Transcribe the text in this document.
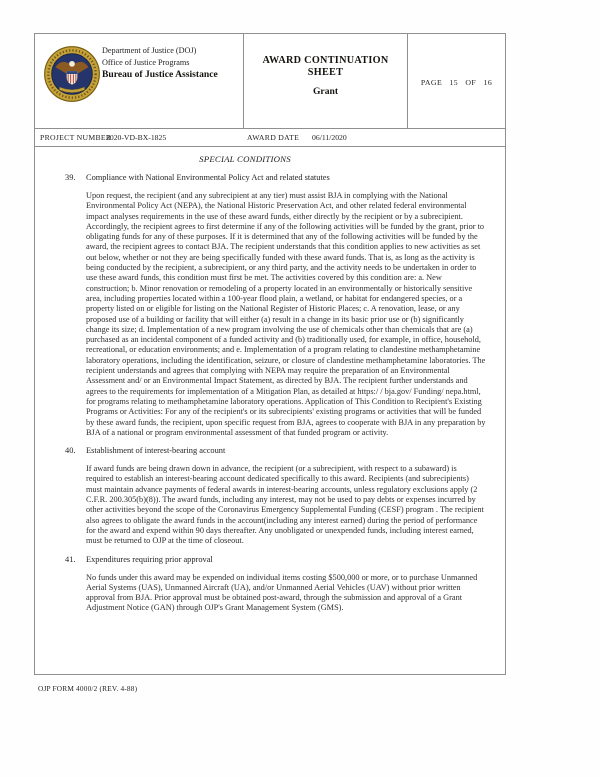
Department of Justice (DOJ)
Office of Justice Programs
Bureau of Justice Assistance
AWARD CONTINUATION
SHEET
Grant
PAGE 15 OF 16
PROJECT NUMBER
2020-VD-BX-1825	AWARD DATE 06/11/2020
SPECIAL CONDITIONS
39. Compliance with National Environmental Policy Act and related statutes

Upon request, the recipient (and any subrecipient at any tier) must assist BJA in complying with the National Environmental Policy Act (NEPA), the National Historic Preservation Act, and other related federal environmental impact analyses requirements in the use of these award funds, either directly by the recipient or by a subrecipient. Accordingly, the recipient agrees to first determine if any of the following activities will be funded by the grant, prior to obligating funds for any of these purposes. If it is determined that any of the following activities will be funded by the award, the recipient agrees to contact BJA. The recipient understands that this condition applies to new activities as set out below, whether or not they are being specifically funded with these award funds. That is, as long as the activity is being conducted by the recipient, a subrecipient, or any third party, and the activity needs to be undertaken in order to use these award funds, this condition must first be met. The activities covered by this condition are: a. New construction; b. Minor renovation or remodeling of a property located in an environmentally or historically sensitive area, including properties located within a 100-year flood plain, a wetland, or habitat for endangered species, or a property listed on or eligible for listing on the National Register of Historic Places; c. A renovation, lease, or any proposed use of a building or facility that will either (a) result in a change in its basic prior use or (b) significantly change its size; d. Implementation of a new program involving the use of chemicals other than chemicals that are (a) purchased as an incidental component of a funded activity and (b) traditionally used, for example, in office, household, recreational, or education environments; and e. Implementation of a program relating to clandestine methamphetamine laboratory operations, including the identification, seizure, or closure of clandestine methamphetamine laboratories. The recipient understands and agrees that complying with NEPA may require the preparation of an Environmental Assessment and/ or an Environmental Impact Statement, as directed by BJA. The recipient further understands and agrees to the requirements for implementation of a Mitigation Plan, as detailed at https:/ / bja.gov/ Funding/ nepa.html, for programs relating to methamphetamine laboratory operations. Application of This Condition to Recipient's Existing Programs or Activities: For any of the recipient's or its subrecipients' existing programs or activities that will be funded by these award funds, the recipient, upon specific request from BJA, agrees to cooperate with BJA in any preparation by BJA of a national or program environmental assessment of that funded program or activity.

40. Establishment of interest-bearing account

If award funds are being drawn down in advance, the recipient (or a subrecipient, with respect to a subaward) is required to establish an interest-bearing account dedicated specifically to this award. Recipients (and subrecipients) must maintain advance payments of federal awards in interest-bearing accounts, unless regulatory exclusions apply (2 C.F.R. 200.305(b)(8)). The award funds, including any interest, may not be used to pay debts or expenses incurred by other activities beyond the scope of the Coronavirus Emergency Supplemental Funding (CESF) program . The recipient also agrees to obligate the award funds in the account(including any interest earned) during the period of performance for the award and expend within 90 days thereafter. Any unobligated or unexpended funds, including interest earned, must be returned to OJP at the time of closeout.

41. Expenditures requiring prior approval

No funds under this award may be expended on individual items costing $500,000 or more, or to purchase Unmanned Aerial Systems (UAS), Unmanned Aircraft (UA), and/or Unmanned Aerial Vehicles (UAV) without prior written approval from BJA. Prior approval must be obtained post-award, through the submission and approval of a Grant Adjustment Notice (GAN) through OJP's Grant Management System (GMS).

OJP FORM 4000/2 (REV. 4-88)
